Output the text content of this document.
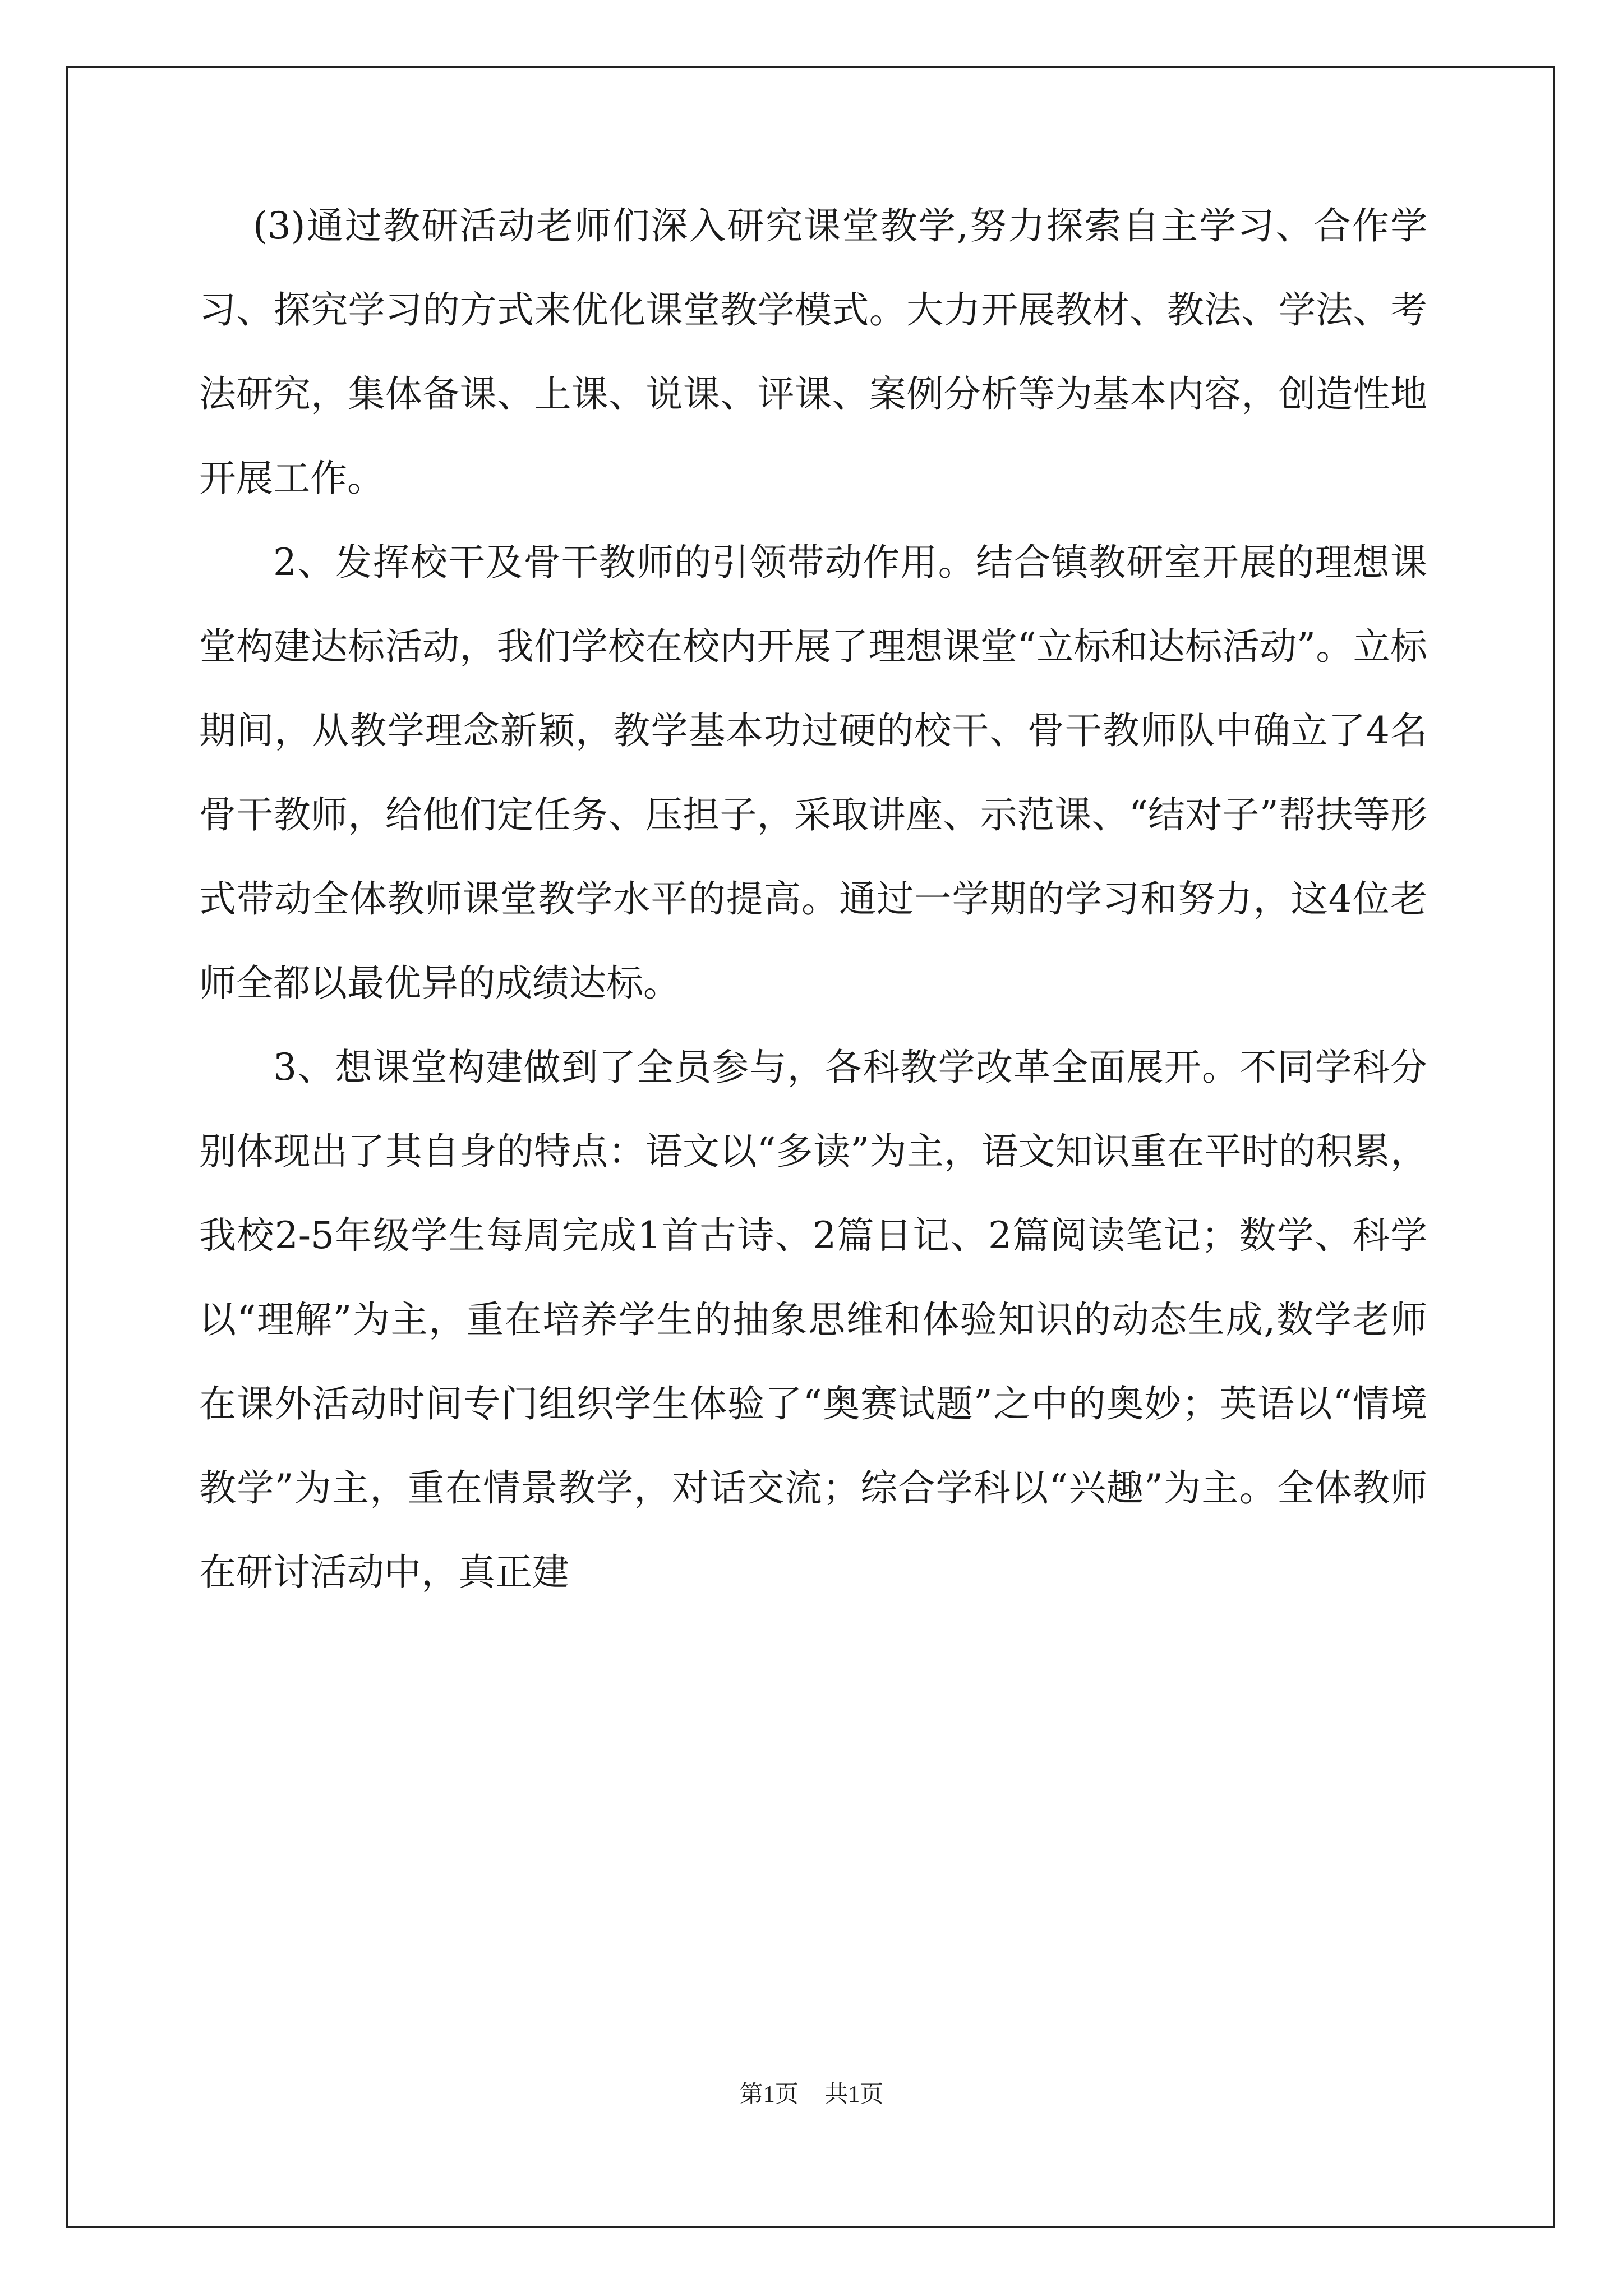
(3)通过教研活动老师们深入研究课堂教学,努力探索自主学习、合作学习、探究学习的方式来优化课堂教学模式。大力开展教材、教法、学法、考法研究，集体备课、上课、说课、评课、案例分析等为基本内容，创造性地开展工作。

2、发挥校干及骨干教师的引领带动作用。结合镇教研室开展的理想课堂构建达标活动，我们学校在校内开展了理想课堂“立标和达标活动”。立标期间，从教学理念新颖，教学基本功过硬的校干、骨干教师队中确立了4名骨干教师，给他们定任务、压担子，采取讲座、示范课、“结对子”帮扶等形式带动全体教师课堂教学水平的提高。通过一学期的学习和努力，这4位老师全都以最优异的成绩达标。

3、想课堂构建做到了全员参与，各科教学改革全面展开。不同学科分别体现出了其自身的特点：语文以“多读”为主，语文知识重在平时的积累，我校2-5年级学生每周完成1首古诗、2篇日记、2篇阅读笔记；数学、科学以“理解”为主，重在培养学生的抽象思维和体验知识的动态生成,数学老师在课外活动时间专门组织学生体验了“奥赛试题”之中的奥妙；英语以“情境教学”为主，重在情景教学，对话交流；综合学科以“兴趣”为主。全体教师在研讨活动中，真正建

第1页 共1页
